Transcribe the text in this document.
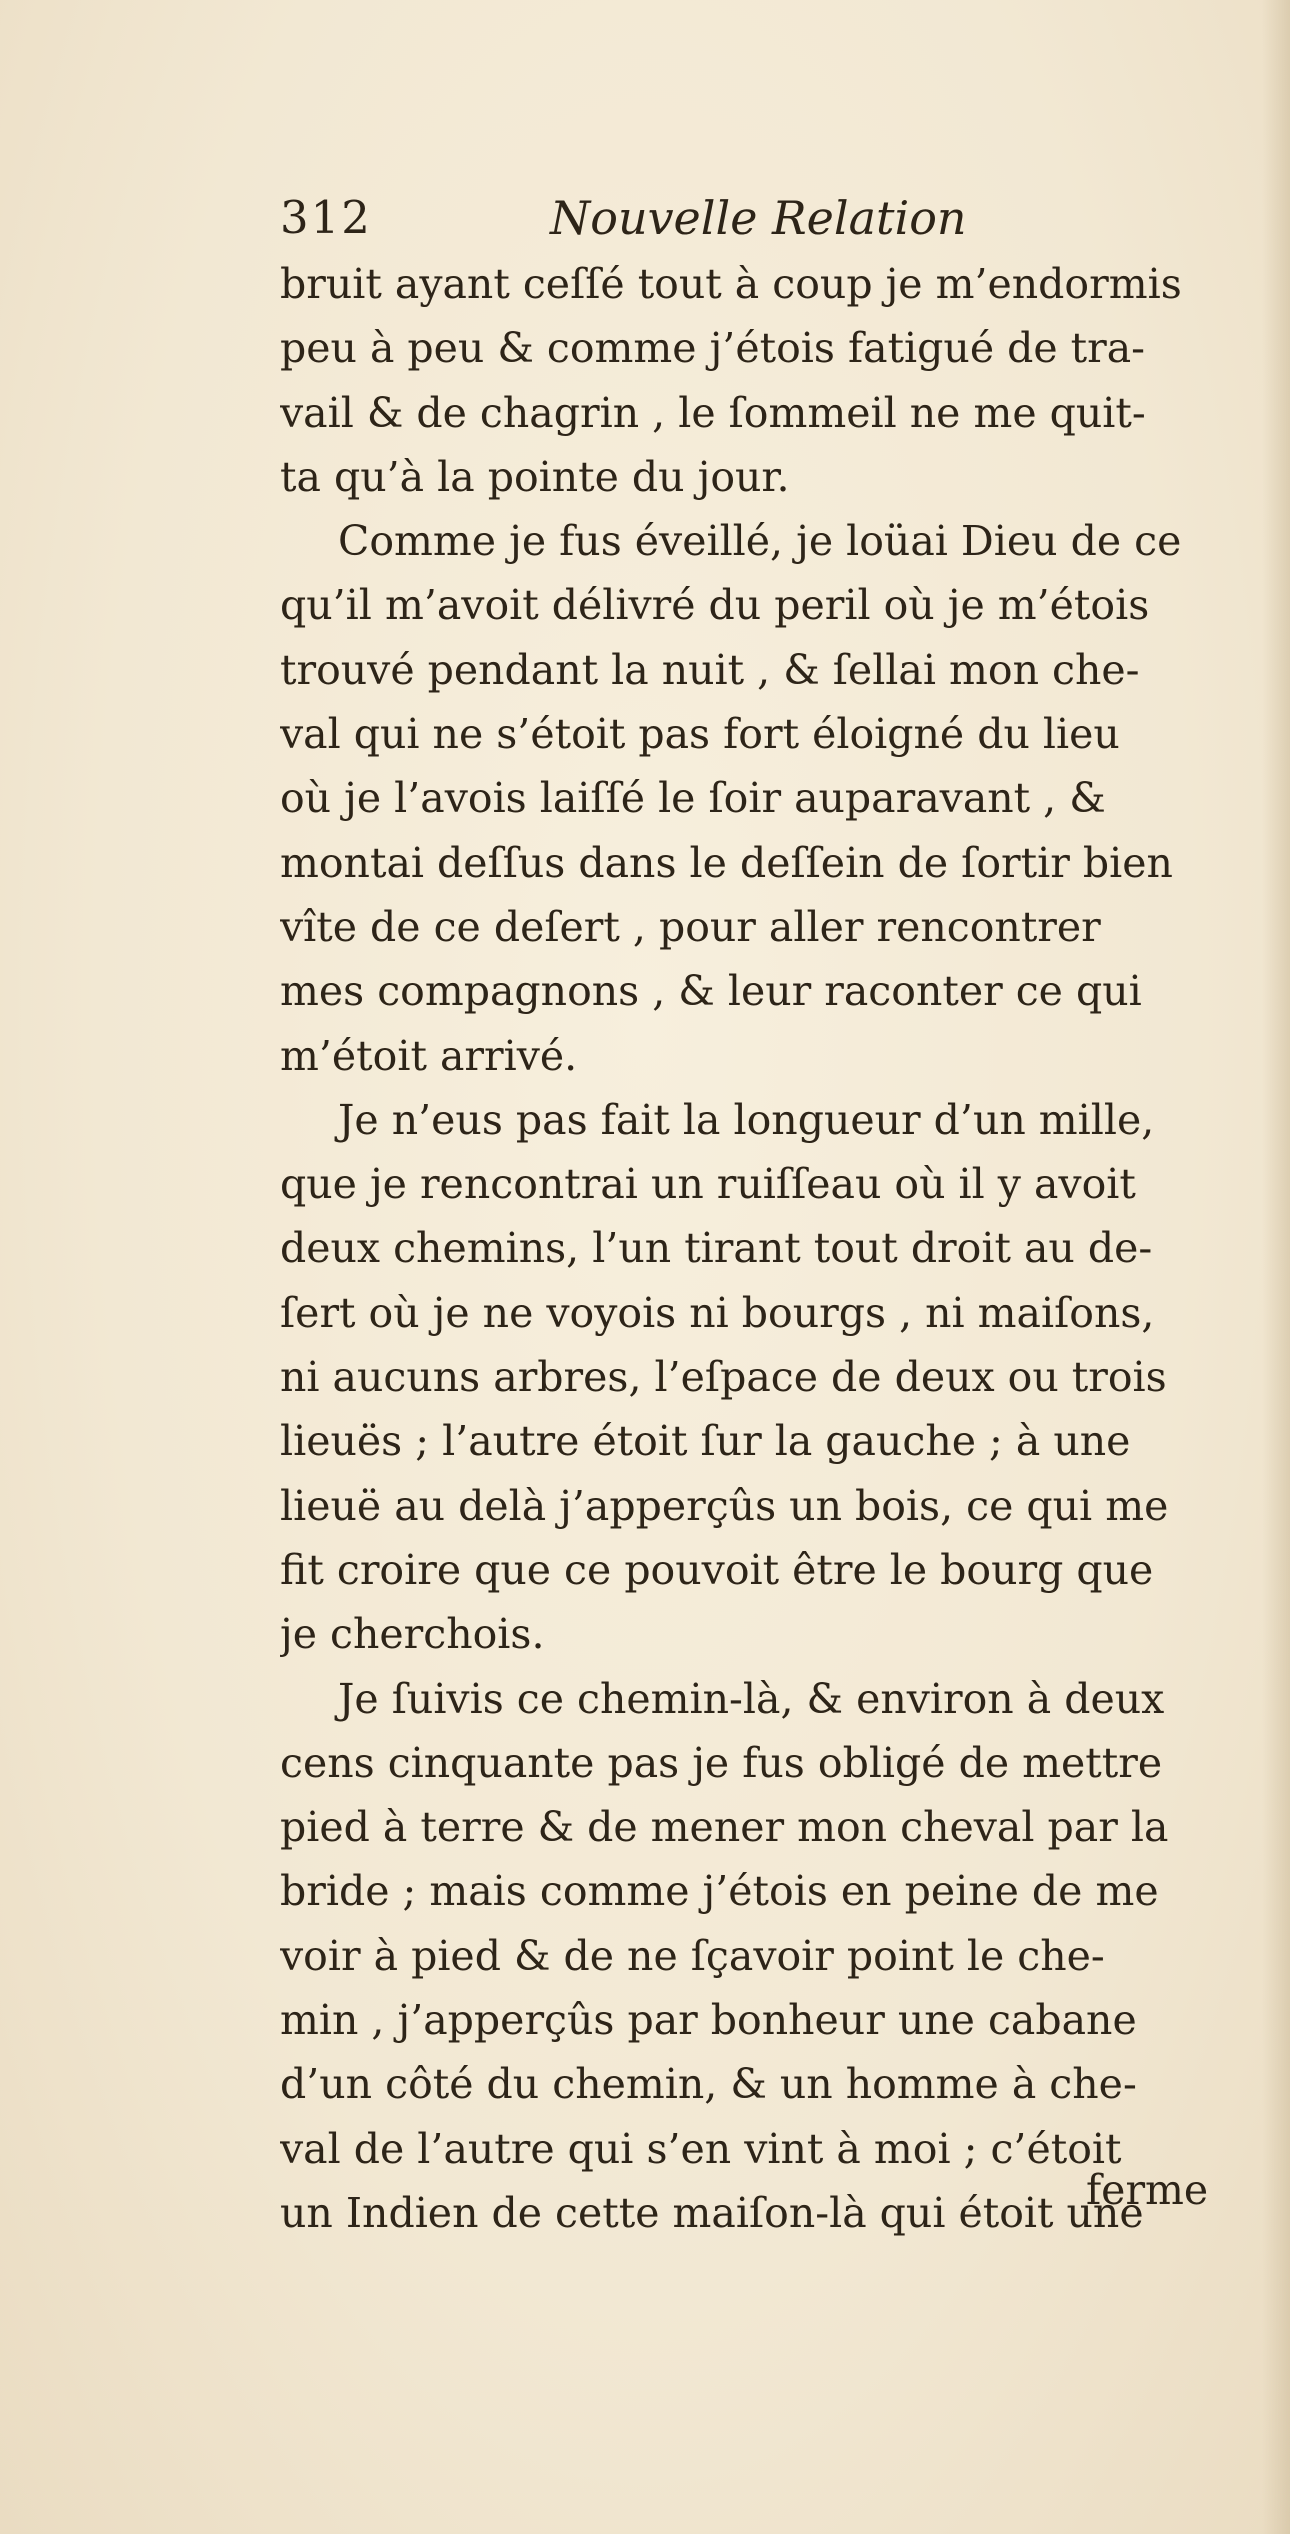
312	Nouvelle Relation
bruit ayant ceſſé tout à coup je m’endormis
peu à peu & comme j’étois fatigué de tra-
vail & de chagrin , le ſommeil ne me quit-
ta qu’à la pointe du jour.
Comme je fus éveillé, je loüai Dieu de ce
qu’il m’avoit délivré du peril où je m’étois
trouvé pendant la nuit , & ſellai mon che-
val qui ne s’étoit pas fort éloigné du lieu
où je l’avois laiſſé le ſoir auparavant , &
montai deſſus dans le deſſein de ſortir bien
vîte de ce deſert , pour aller rencontrer
mes compagnons , & leur raconter ce qui
m’étoit arrivé.
Je n’eus pas fait la longueur d’un mille,
que je rencontrai un ruiſſeau où il y avoit
deux chemins, l’un tirant tout droit au de-
ſert où je ne voyois ni bourgs , ni maiſons,
ni aucuns arbres, l’eſpace de deux ou trois
lieuës ; l’autre étoit ſur la gauche ; à une
lieuë au delà j’apperçûs un bois, ce qui me
fit croire que ce pouvoit être le bourg que
je cherchois.
Je ſuivis ce chemin-là, & environ à deux
cens cinquante pas je fus obligé de mettre
pied à terre & de mener mon cheval par la
bride ; mais comme j’étois en peine de me
voir à pied & de ne ſçavoir point le che-
min , j’apperçûs par bonheur une cabane
d’un côté du chemin, & un homme à che-
val de l’autre qui s’en vint à moi ; c’étoit
un Indien de cette maiſon-là qui étoit une
ferme
